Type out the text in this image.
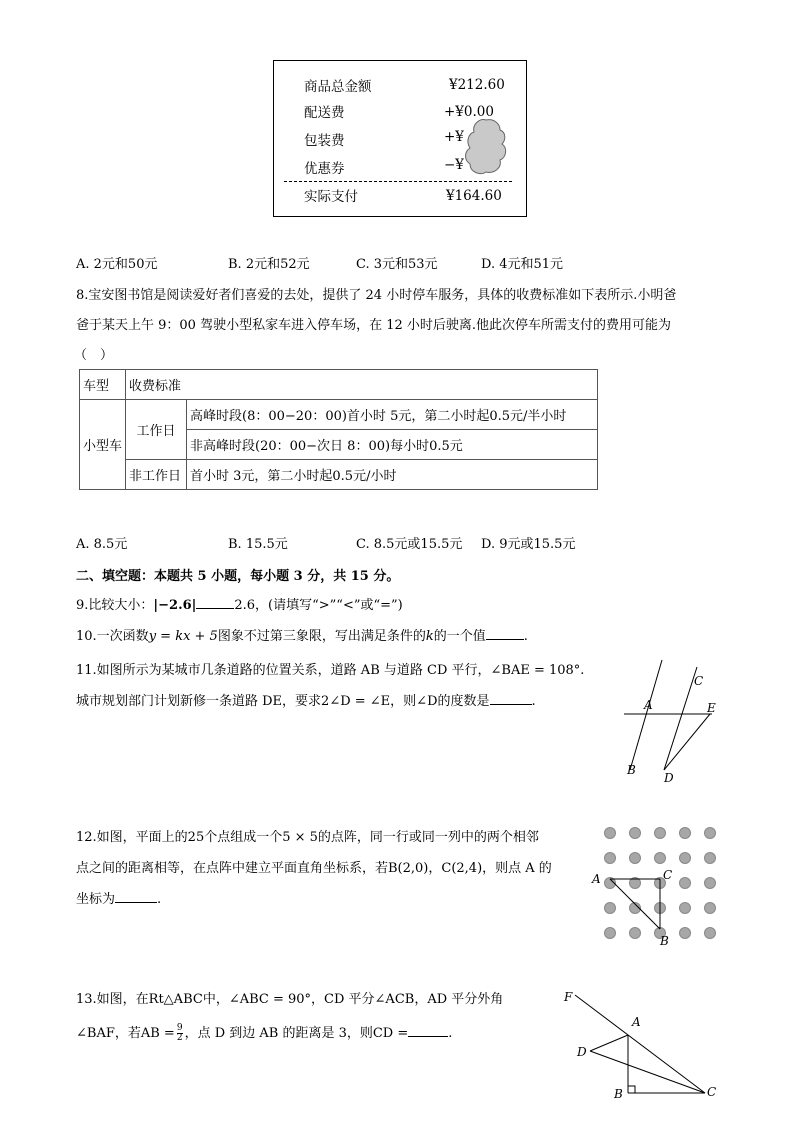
商品总金额	¥212.60
配送费	+¥0.00
包装费	+¥
优惠券	−¥
实际支付	¥164.60
A. 2元和50元	B. 2元和52元	C. 3元和53元	D. 4元和51元
8.宝安图书馆是阅读爱好者们喜爱的去处，提供了 24 小时停车服务，具体的收费标准如下表所示.小明爸
爸于某天上午 9：00 驾驶小型私家车进入停车场，在 12 小时后驶离.他此次停车所需支付的费用可能为
（　）
车型	收费标准	
小型车	工作日	高峰时段(8：00−20：00)首小时 5元，第二小时起0.5元/半小时
		非高峰时段(20：00−次日 8：00)每小时0.5元
	非工作日	首小时 3元，第二小时起0.5元/小时
A. 8.5元	B. 15.5元	C. 8.5元或15.5元 D. 9元或15.5元
二、填空题：本题共 5 小题，每小题 3 分，共 15 分。
9.比较大小：|−2.6|	2.6，(请填写“>”“<”或“=”)
10.一次函数y = kx + 5图象不过第三象限，写出满足条件的k的一个值	.
11.如图所示为某城市几条道路的位置关系，道路 AB 与道路 CD 平行，∠BAE = 108°.
城市规划部门计划新修一条道路 DE，要求2∠D = ∠E，则∠D的度数是	.	A
B
C
D
E
12.如图，平面上的25个点组成一个5 × 5的点阵，同一行或同一列中的两个相邻
点之间的距离相等，在点阵中建立平面直角坐标系，若B(2,0)，C(2,4)，则点 A 的
坐标为	.
A	C
B
13.如图，在Rt△ABC中，∠ABC = 90°，CD 平分∠ACB，AD 平分外角
∠BAF，若AB = $\frac{9}{2}$ ，点 D 到边 AB 的距离是 3，则CD =	.
F
A
D
B	C
